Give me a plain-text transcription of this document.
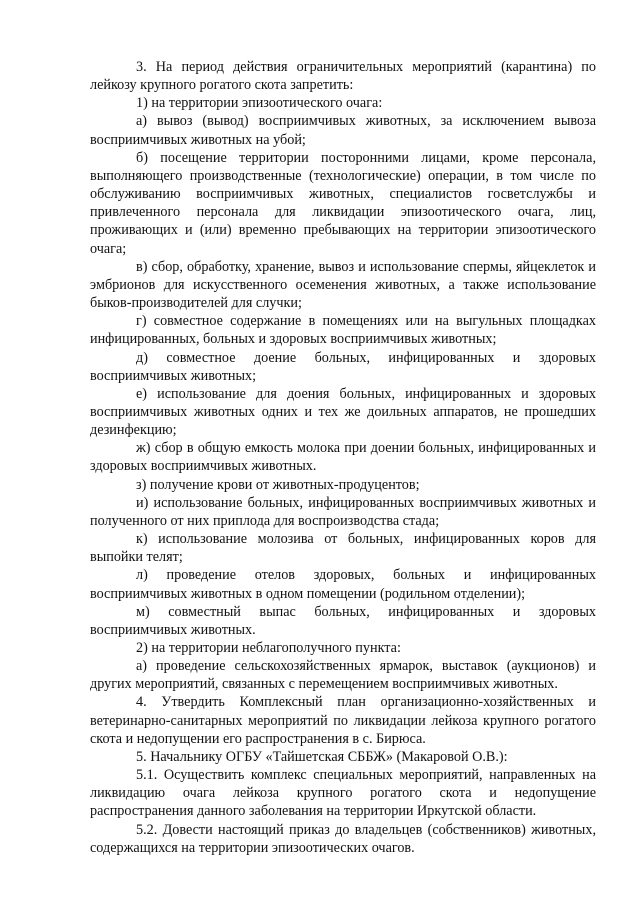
3. На период действия ограничительных мероприятий (карантина) по лейкозу крупного рогатого скота запретить:

1) на территории эпизоотического очага:

а) вывоз (вывод) восприимчивых животных, за исключением вывоза восприимчивых животных на убой;

б) посещение территории посторонними лицами, кроме персонала, выполняющего производственные (технологические) операции, в том числе по обслуживанию восприимчивых животных, специалистов госветслужбы и привлеченного персонала для ликвидации эпизоотического очага, лиц, проживающих и (или) временно пребывающих на территории эпизоотического очага;

в) сбор, обработку, хранение, вывоз и использование спермы, яйцеклеток и эмбрионов для искусственного осеменения животных, а также использование быков-производителей для случки;

г) совместное содержание в помещениях или на выгульных площадках инфицированных, больных и здоровых восприимчивых животных;

д) совместное доение больных, инфицированных и здоровых восприимчивых животных;

е) использование для доения больных, инфицированных и здоровых восприимчивых животных одних и тех же доильных аппаратов, не прошедших дезинфекцию;

ж) сбор в общую емкость молока при доении больных, инфицированных и здоровых восприимчивых животных.

з) получение крови от животных-продуцентов;

и) использование больных, инфицированных восприимчивых животных и полученного от них приплода для воспроизводства стада;

к) использование молозива от больных, инфицированных коров для выпойки телят;

л) проведение отелов здоровых, больных и инфицированных восприимчивых животных в одном помещении (родильном отделении);

м) совместный выпас больных, инфицированных и здоровых восприимчивых животных.

2) на территории неблагополучного пункта:

а) проведение сельскохозяйственных ярмарок, выставок (аукционов) и других мероприятий, связанных с перемещением восприимчивых животных.

4. Утвердить Комплексный план организационно-хозяйственных и ветеринарно-санитарных мероприятий по ликвидации лейкоза крупного рогатого скота и недопущении его распространения в с. Бирюса.

5. Начальнику ОГБУ «Тайшетская СББЖ» (Макаровой О.В.):

5.1. Осуществить комплекс специальных мероприятий, направленных на ликвидацию очага лейкоза крупного рогатого скота и недопущение распространения данного заболевания на территории Иркутской области.

5.2. Довести настоящий приказ до владельцев (собственников) животных, содержащихся на территории эпизоотических очагов.
